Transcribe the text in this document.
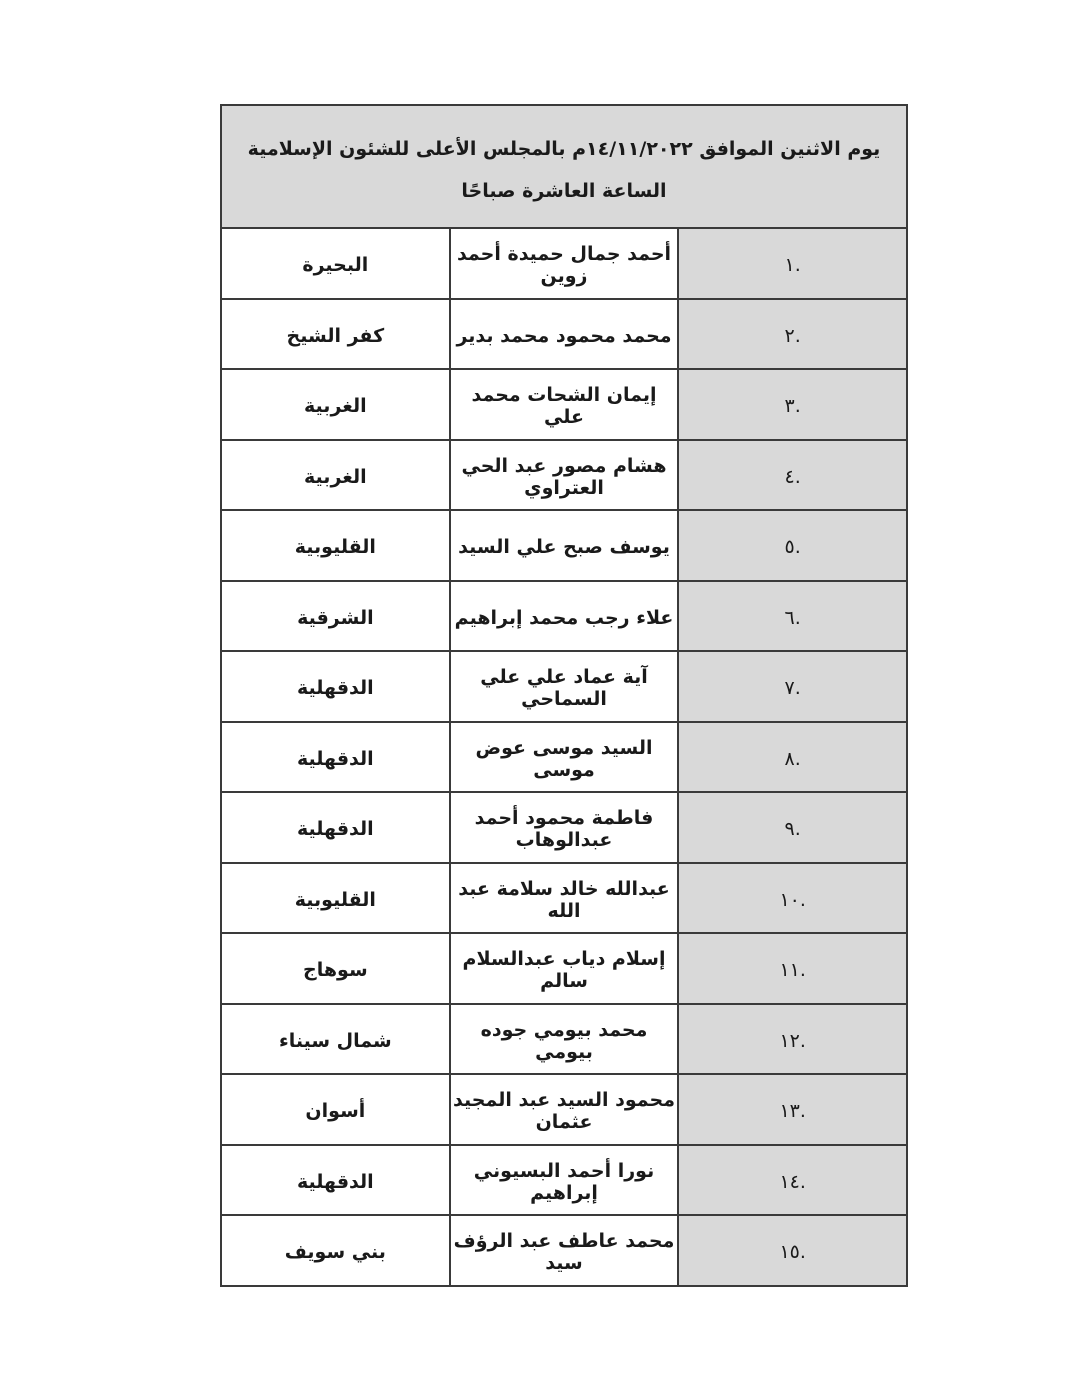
يوم الاثنين الموافق ١٤/١١/٢٠٢٢م بالمجلس الأعلى للشئون الإسلامية الساعة العاشرة صباحًا		
.١	أحمد جمال حميدة أحمد زوين	البحيرة
.٢	محمد محمود محمد بدير	كفر الشيخ
.٣	إيمان الشحات محمد علي	الغربية
.٤	هشام مصور عبد الحي العتراوي	الغربية
.٥	يوسف صبح علي السيد	القليوبية
.٦	علاء رجب محمد إبراهيم	الشرقية
.٧	آية عماد علي علي السماحي	الدقهلية
.٨	السيد موسى عوض موسى	الدقهلية
.٩	فاطمة محمود أحمد عبدالوهاب	الدقهلية
.١٠	عبدالله خالد سلامة عبد الله	القليوبية
.١١	إسلام دياب عبدالسلام سالم	سوهاج
.١٢	محمد بيومي جوده بيومي	شمال سيناء
.١٣	محمود السيد عبد المجيد عثمان	أسوان
.١٤	نورا أحمد البسيوني إبراهيم	الدقهلية
.١٥	محمد عاطف عبد الرؤف سيد	بني سويف
